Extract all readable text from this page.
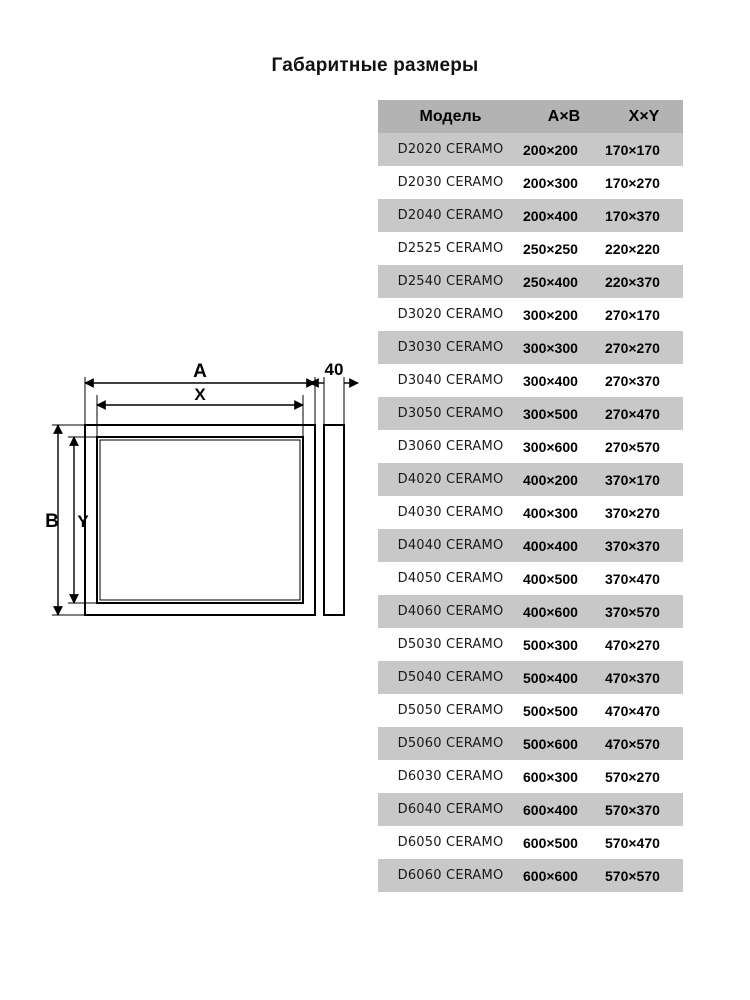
Габаритные размеры
Модель	A×B	X×Y
D2020 CERAMO	200×200	170×170
D2030 CERAMO	200×300	170×270
D2040 CERAMO	200×400	170×370
D2525 CERAMO	250×250	220×220
D2540 CERAMO	250×400	220×370
D3020 CERAMO	300×200	270×170
D3030 CERAMO	300×300	270×270
D3040 CERAMO	300×400	270×370
D3050 CERAMO	300×500	270×470
D3060 CERAMO	300×600	270×570
D4020 CERAMO	400×200	370×170
D4030 CERAMO	400×300	370×270
D4040 CERAMO	400×400	370×370
D4050 CERAMO	400×500	370×470
D4060 CERAMO	400×600	370×570
D5030 CERAMO	500×300	470×270
D5040 CERAMO	500×400	470×370
D5050 CERAMO	500×500	470×470
D5060 CERAMO	500×600	470×570
D6030 CERAMO	600×300	570×270
D6040 CERAMO	600×400	570×370
D6050 CERAMO	600×500	570×470
D6060 CERAMO	600×600	570×570
A
X
B Y
40
